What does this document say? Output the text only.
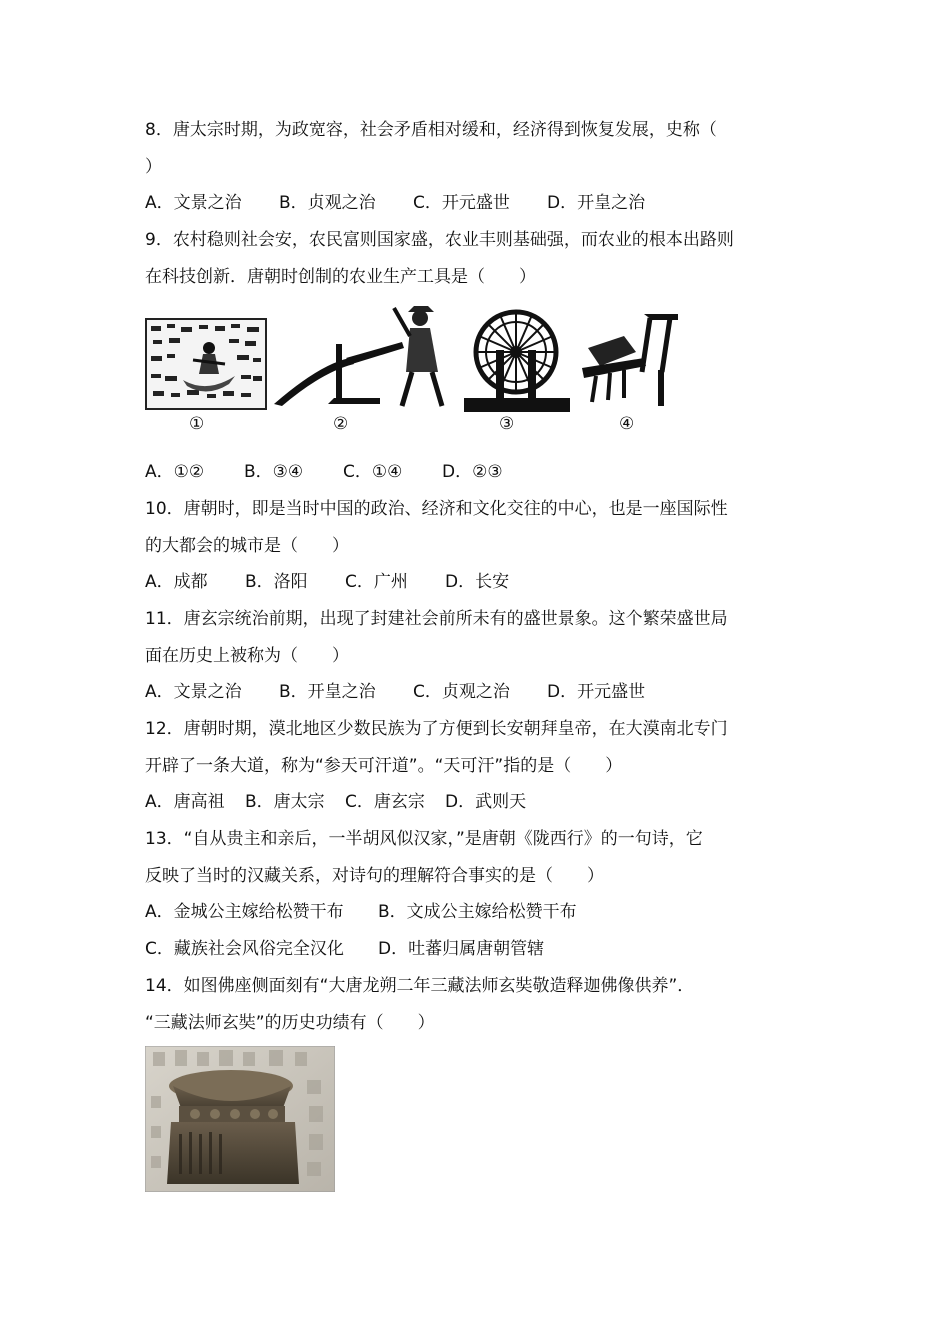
8．唐太宗时期，为政宽容，社会矛盾相对缓和，经济得到恢复发展，史称（
）
A．文景之治 B．贞观之治 C．开元盛世 D．开皇之治
9．农村稳则社会安，农民富则国家盛，农业丰则基础强，而农业的根本出路则
在科技创新．唐朝时创制的农业生产工具是（　　）
①	②	③	④
A．①② B．③④ C．①④ D．②③
10．唐朝时，即是当时中国的政治、经济和文化交往的中心，也是一座国际性
的大都会的城市是（　　）
A．成都 B．洛阳 C．广州 D．长安
11．唐玄宗统治前期，出现了封建社会前所未有的盛世景象。这个繁荣盛世局
面在历史上被称为（　　）
A．文景之治 B．开皇之治 C．贞观之治 D．开元盛世
12．唐朝时期，漠北地区少数民族为了方便到长安朝拜皇帝，在大漠南北专门
开辟了一条大道，称为“参天可汗道”。“天可汗”指的是（　　）
A．唐高祖 B．唐太宗 C．唐玄宗 D．武则天
13．“自从贵主和亲后，一半胡风似汉家，”是唐朝《陇西行》的一句诗，它
反映了当时的汉藏关系，对诗句的理解符合事实的是（　　）
A．金城公主嫁给松赞干布 B．文成公主嫁给松赞干布
C．藏族社会风俗完全汉化 D．吐蕃归属唐朝管辖
14．如图佛座侧面刻有“大唐龙朔二年三藏法师玄奘敬造释迦佛像供养”．
“三藏法师玄奘”的历史功绩有（　　）
